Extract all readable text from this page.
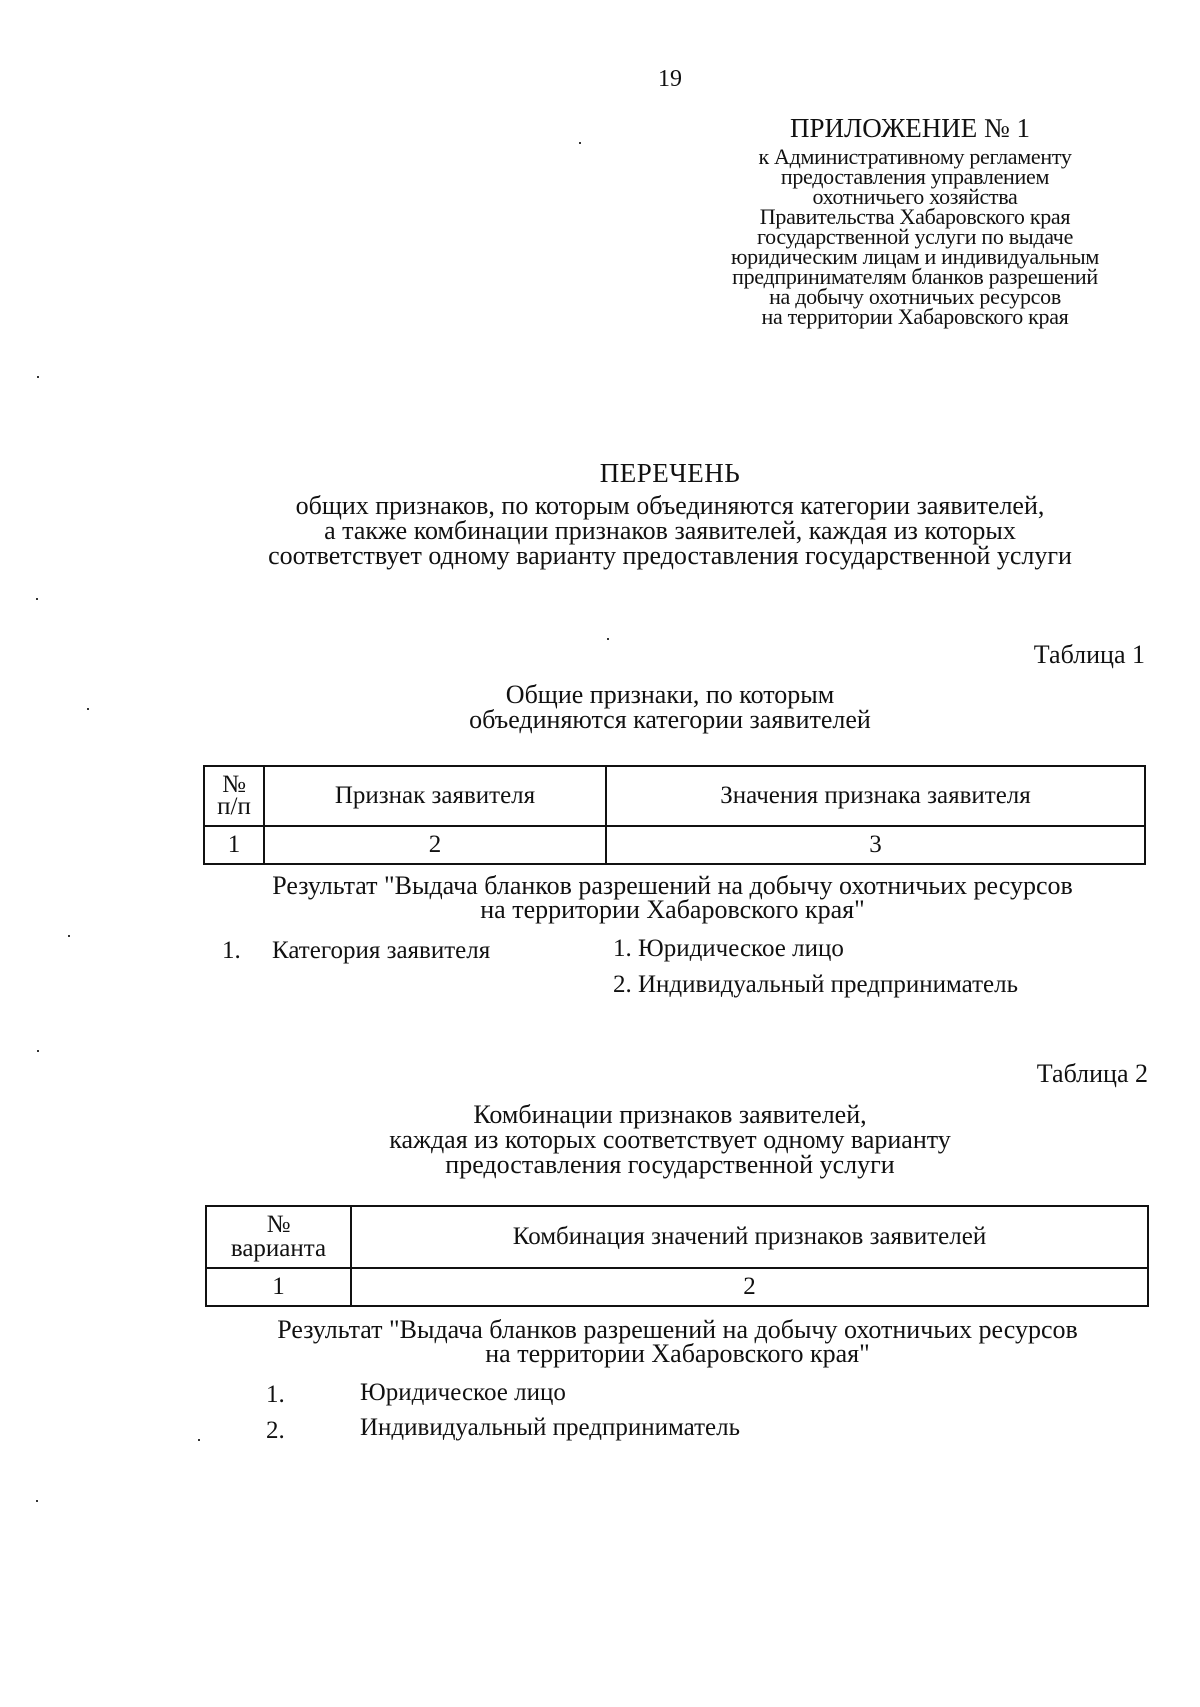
19
ПРИЛОЖЕНИЕ № 1
к Административному регламенту
предоставления управлением
охотничьего хозяйства
Правительства Хабаровского края
государственной услуги по выдаче
юридическим лицам и индивидуальным
предпринимателям бланков разрешений
на добычу охотничьих ресурсов
на территории Хабаровского края
ПЕРЕЧЕНЬ
общих признаков, по которым объединяются категории заявителей,
а также комбинации признаков заявителей, каждая из которых
соответствует одному варианту предоставления государственной услуги
Таблица 1
Общие признаки, по которым
объединяются категории заявителей
№
п/п	Признак заявителя	Значения признака заявителя
1	2	3
Результат "Выдача бланков разрешений на добычу охотничьих ресурсов
на территории Хабаровского края"
1. Категория заявителя	1. Юридическое лицо
2. Индивидуальный предприниматель
Таблица 2
Комбинации признаков заявителей,
каждая из которых соответствует одному варианту
предоставления государственной услуги
№
варианта	Комбинация значений признаков заявителей
1	2
Результат "Выдача бланков разрешений на добычу охотничьих ресурсов
на территории Хабаровского края"
1.	Юридическое лицо
2.	Индивидуальный предприниматель
